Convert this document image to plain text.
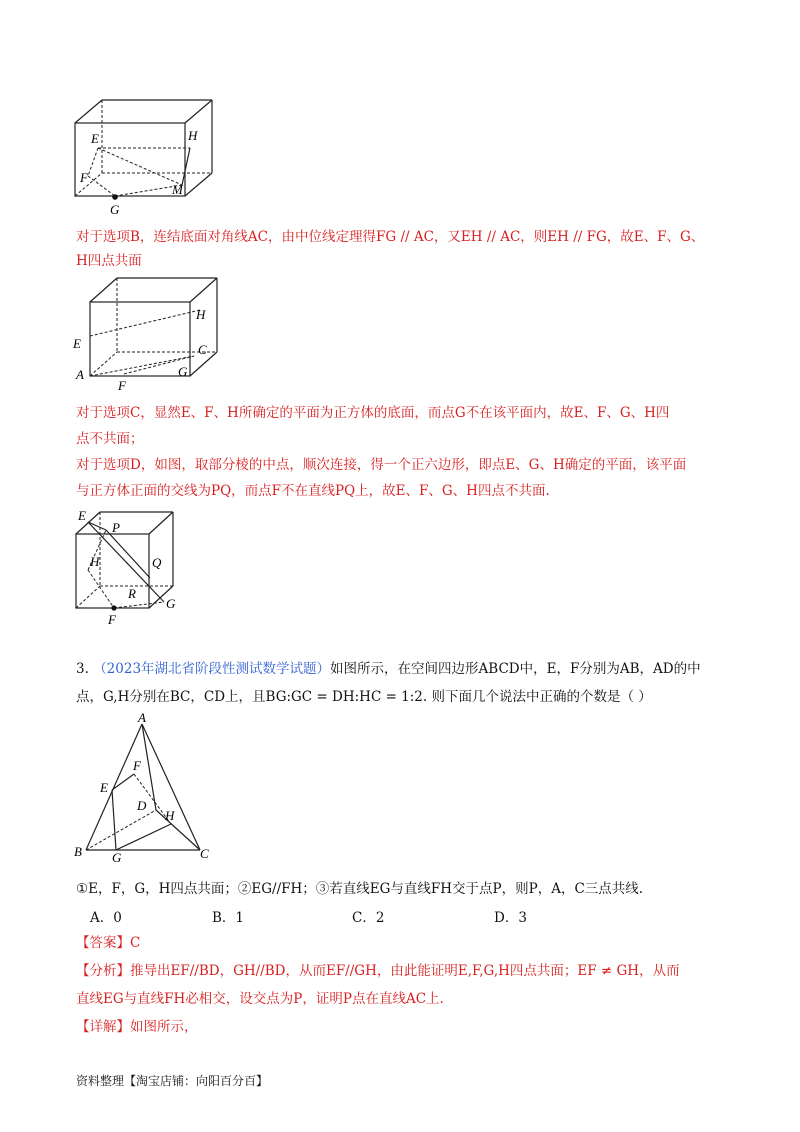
E	H
F
M
G
对于选项B，连结底面对角线AC，由中位线定理得FG // AC，又EH // AC，则EH // FG，故E、F、G、
H四点共面
H
E	C
A	G
F
对于选项C，显然E、F、H所确定的平面为正方体的底面，而点G不在该平面内，故E、F、G、H四
点不共面；
对于选项D，如图，取部分棱的中点，顺次连接，得一个正六边形，即点E、G、H确定的平面，该平面
与正方体正面的交线为PQ，而点F不在直线PQ上，故E、F、G、H四点不共面.
E
P
H	Q
R
G
F
3. （2023年湖北省阶段性测试数学试题）如图所示，在空间四边形ABCD中，E，F分别为AB，AD的中
点，G,H分别在BC，CD上，且BG:GC = DH:HC = 1:2. 则下面几个说法中正确的个数是（ ）
A
F
E
D
H
B G	C
①E，F，G，H四点共面；②EG//FH；③若直线EG与直线FH交于点P，则P，A，C三点共线.
A．0	B．1	C．2	D．3
【答案】C
【分析】推导出EF//BD，GH//BD，从而EF//GH，由此能证明E,F,G,H四点共面；EF ≠ GH，从而
直线EG与直线FH必相交，设交点为P，证明P点在直线AC上.
【详解】如图所示，
资料整理【淘宝店铺：向阳百分百】
